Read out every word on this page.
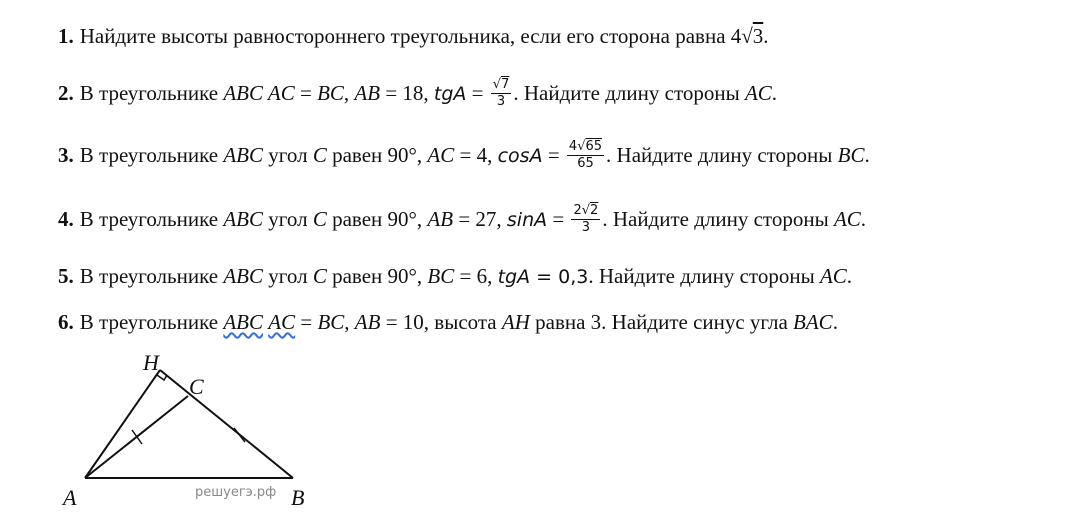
1. Найдите высоты равностороннего треугольника, если его сторона равна 4 √ 3 .
2. В треугольнике ABC AC = BC , AB = 18, tgA = $\frac{√7}{3}$ . Найдите длину стороны AC .
3. В треугольнике ABC угол C равен 90°, AC = 4, $\cos A = \frac{4√65}{65}$ . Найдите длину стороны BC .
4. В треугольнике ABC угол C равен 90°, AB = 27, $\sin A = \frac{2√2}{3}$ . Найдите длину стороны AC .
5. В треугольнике ABC угол C равен 90°, BC = 6, tgA = 0,3 . Найдите длину стороны AC .
6. В треугольнике ABC
AC = BC , AB = 10, высота AH равна 3. Найдите синус угла BAC .
H
C
A	B
решуегэ.рф
